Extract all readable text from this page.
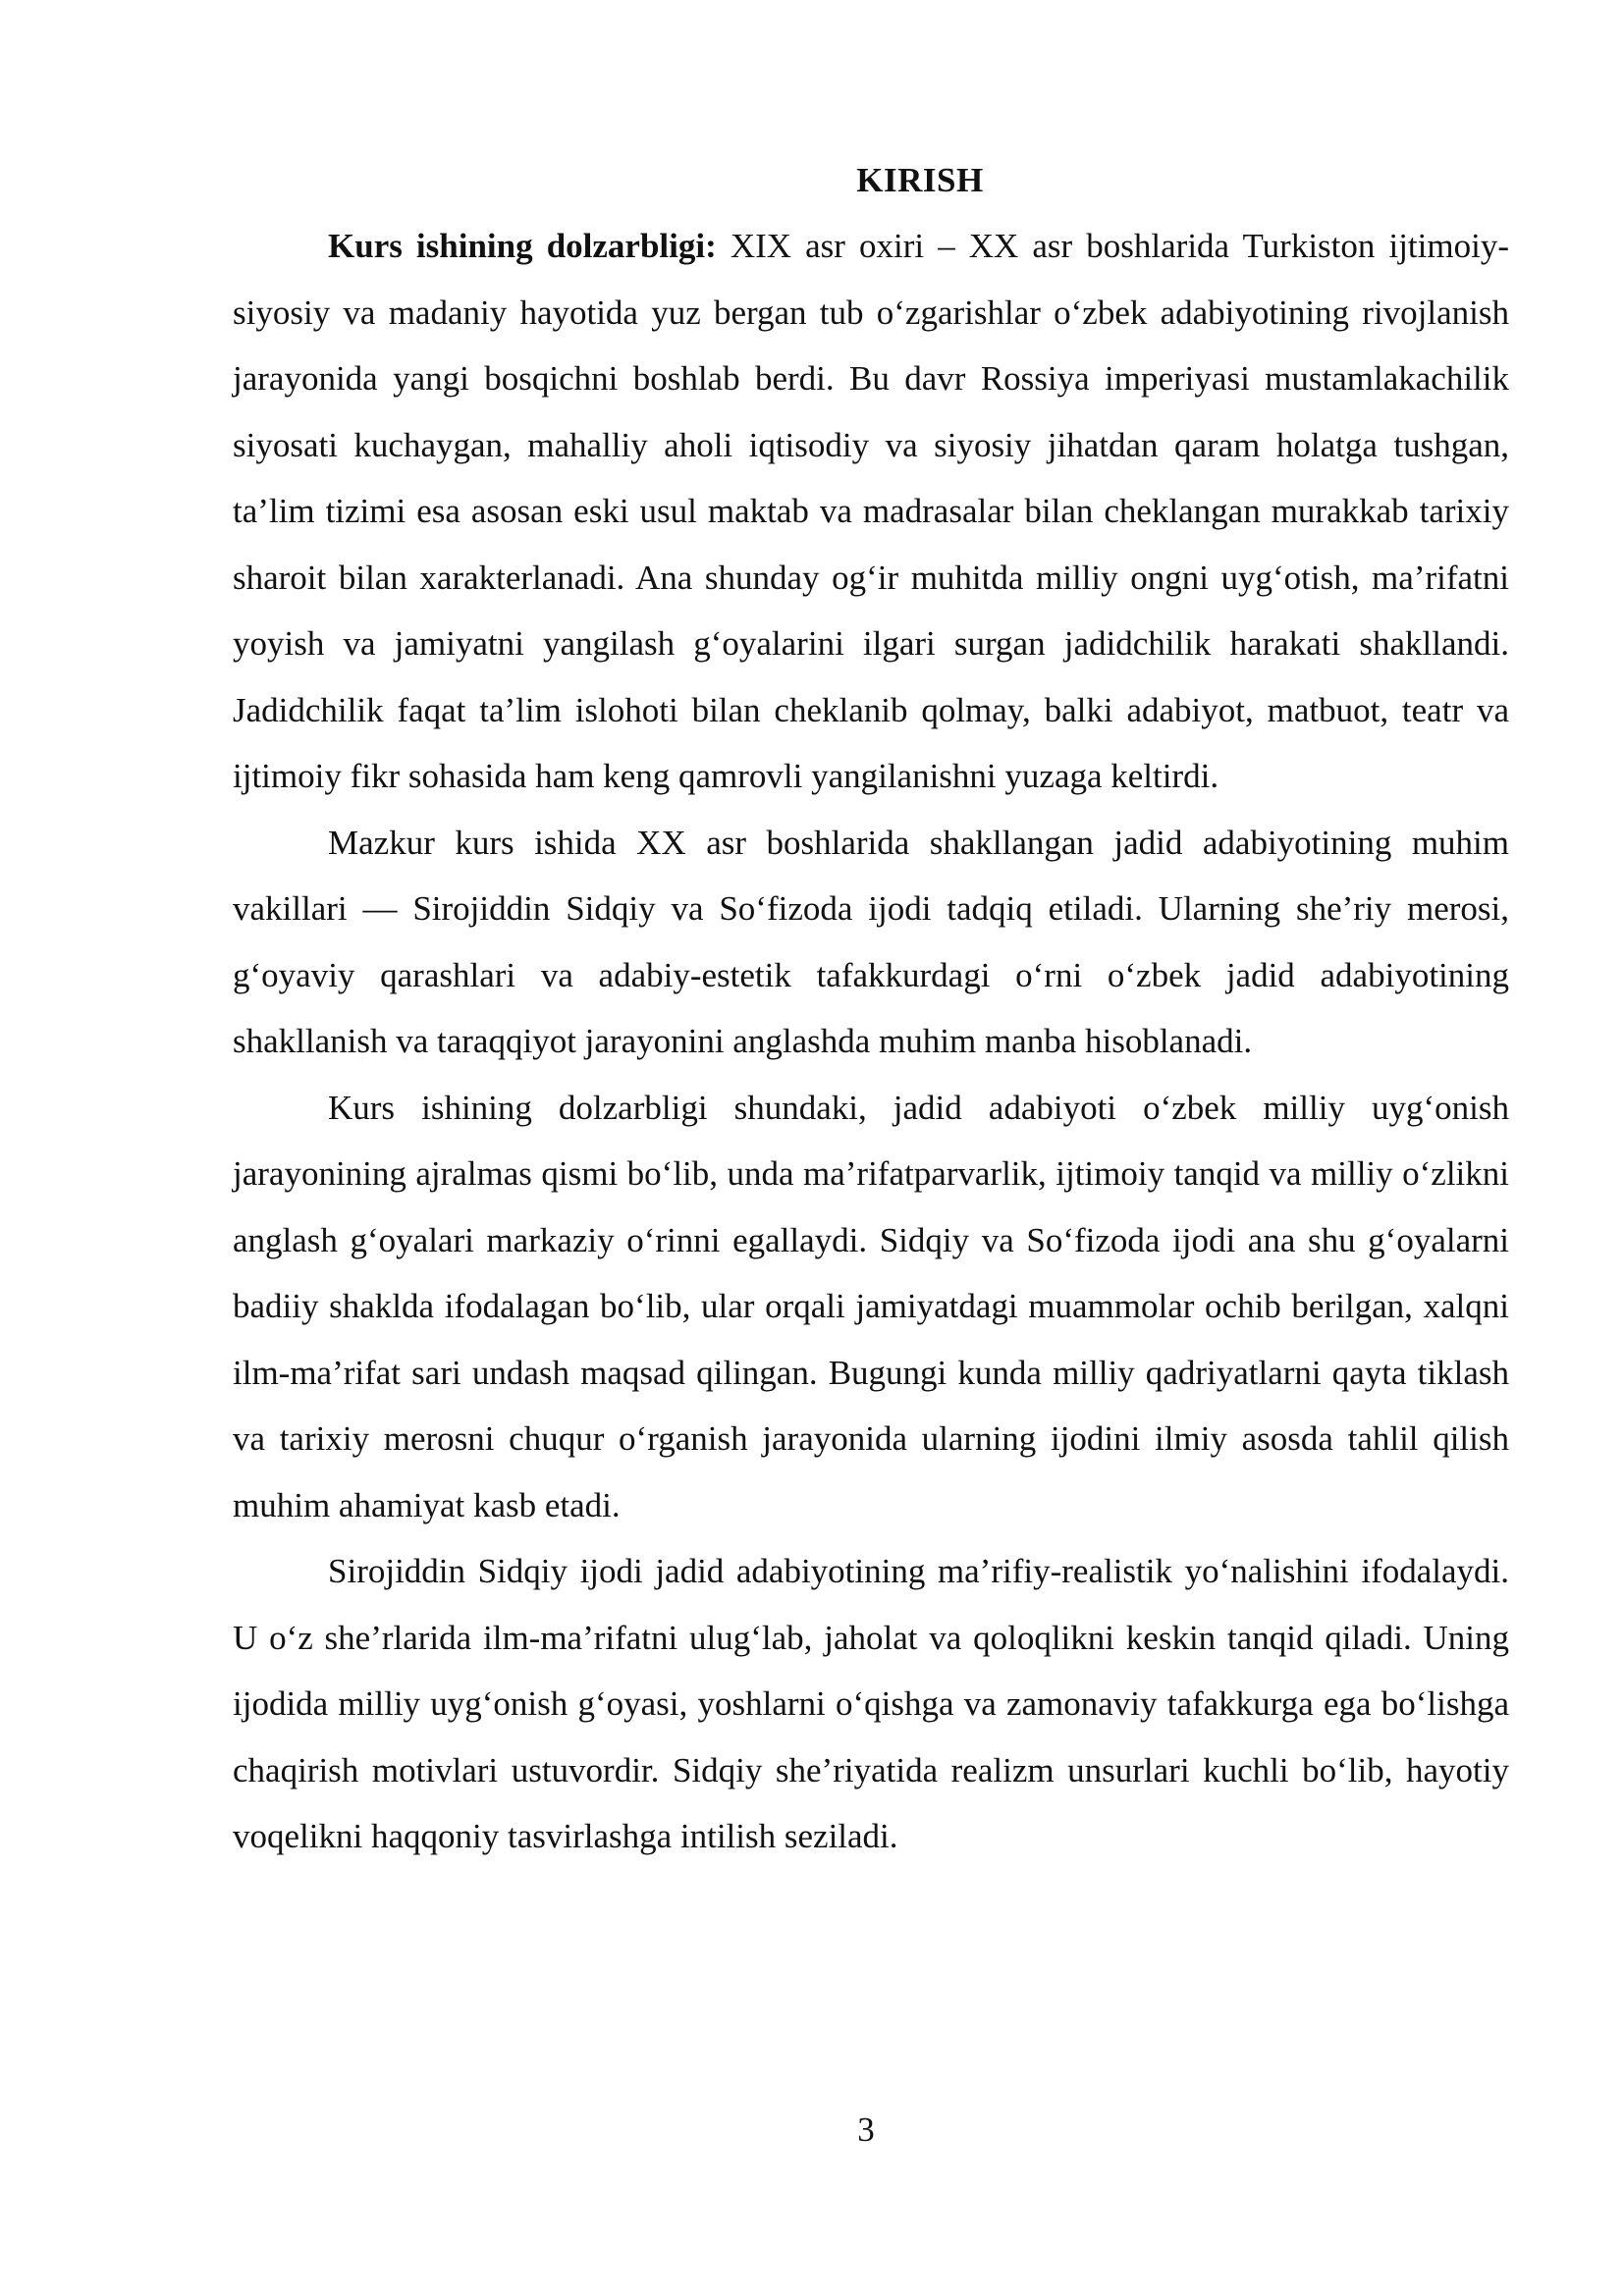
KIRISH

Kurs ishining dolzarbligi: XIX asr oxiri – XX asr boshlarida Turkiston ijtimoiy-siyosiy va madaniy hayotida yuz bergan tub o‘zgarishlar o‘zbek adabiyotining rivojlanish jarayonida yangi bosqichni boshlab berdi. Bu davr Rossiya imperiyasi mustamlakachilik siyosati kuchaygan, mahalliy aholi iqtisodiy va siyosiy jihatdan qaram holatga tushgan, ta’lim tizimi esa asosan eski usul maktab va madrasalar bilan cheklangan murakkab tarixiy sharoit bilan xarakterlanadi. Ana shunday og‘ir muhitda milliy ongni uyg‘otish, ma’rifatni yoyish va jamiyatni yangilash g‘oyalarini ilgari surgan jadidchilik harakati shakllandi. Jadidchilik faqat ta’lim islohoti bilan cheklanib qolmay, balki adabiyot, matbuot, teatr va ijtimoiy fikr sohasida ham keng qamrovli yangilanishni yuzaga keltirdi.

Mazkur kurs ishida XX asr boshlarida shakllangan jadid adabiyotining muhim vakillari — Sirojiddin Sidqiy va So‘fizoda ijodi tadqiq etiladi. Ularning she’riy merosi, g‘oyaviy qarashlari va adabiy-estetik tafakkurdagi o‘rni o‘zbek jadid adabiyotining shakllanish va taraqqiyot jarayonini anglashda muhim manba hisoblanadi.

Kurs ishining dolzarbligi shundaki, jadid adabiyoti o‘zbek milliy uyg‘onish jarayonining ajralmas qismi bo‘lib, unda ma’rifatparvarlik, ijtimoiy tanqid va milliy o‘zlikni anglash g‘oyalari markaziy o‘rinni egallaydi. Sidqiy va So‘fizoda ijodi ana shu g‘oyalarni badiiy shaklda ifodalagan bo‘lib, ular orqali jamiyatdagi muammolar ochib berilgan, xalqni ilm-ma’rifat sari undash maqsad qilingan. Bugungi kunda milliy qadriyatlarni qayta tiklash va tarixiy merosni chuqur o‘rganish jarayonida ularning ijodini ilmiy asosda tahlil qilish muhim ahamiyat kasb etadi.

Sirojiddin Sidqiy ijodi jadid adabiyotining ma’rifiy-realistik yo‘nalishini ifodalaydi. U o‘z she’rlarida ilm-ma’rifatni ulug‘lab, jaholat va qoloqlikni keskin tanqid qiladi. Uning ijodida milliy uyg‘onish g‘oyasi, yoshlarni o‘qishga va zamonaviy tafakkurga ega bo‘lishga chaqirish motivlari ustuvordir. Sidqiy she’riyatida realizm unsurlari kuchli bo‘lib, hayotiy voqelikni haqqoniy tasvirlashga intilish seziladi.

3
